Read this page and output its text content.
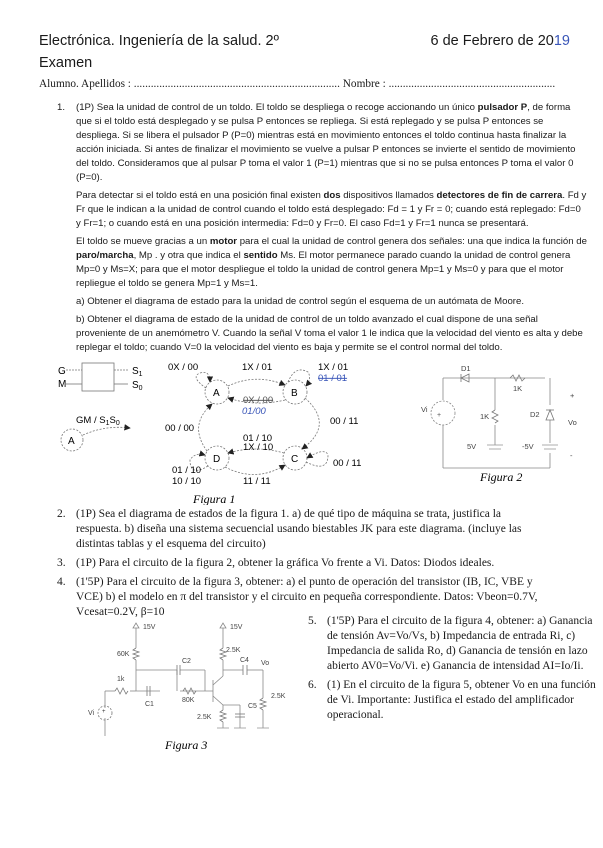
Electrónica. Ingeniería de la salud. 2º	6 de Febrero de 2019
Examen
Alumno. Apellidos : ......................................................................... Nombre : ...........................................................
1. (1P) Sea la unidad de control de un toldo. El toldo se despliega o recoge accionando un único pulsador P, de forma que si el toldo está desplegado y se pulsa P entonces se repliega. Si está replegado y se pulsa P entonces se despliega. Si se libera el pulsador P (P=0) mientras está en movimiento entonces el toldo continua hasta finalizar la acción iniciada. Si antes de finalizar el movimiento se vuelve a pulsar P entonces se invierte el sentido de movimiento del toldo. Consideramos que al pulsar P toma el valor 1 (P=1) mientras que si no se pulsa entonces P toma el valor 0 (P=0).

Para detectar si el toldo está en una posición final existen dos dispositivos llamados detectores de fin de carrera. Fd y Fr que le indican a la unidad de control cuando el toldo está desplegado: Fd = 1 y Fr = 0; cuando está replegado: Fd=0 y Fr=1; o cuando está en una posición intermedia: Fd=0 y Fr=0. El caso Fd=1 y Fr=1 nunca se presentará.

El toldo se mueve gracias a un motor para el cual la unidad de control genera dos señales: una que indica la función de paro/marcha, Mp . y otra que indica el sentido Ms. El motor permanece parado cuando la unidad de control genera Mp=0 y Ms=X; para que el motor despliegue el toldo la unidad de control genera Mp=1 y Ms=0 y para que el motor repliegue el toldo se genera Mp=1 y Ms=1.

a) Obtener el diagrama de estado para la unidad de control según el esquema de un autómata de Moore.

b) Obtener el diagrama de estado de la unidad de control de un toldo avanzado el cual dispone de una señal proveniente de un anemómetro V. Cuando la señal V toma el valor 1 le indica que la velocidad del viento es alta y debe replegar el toldo; cuando V=0 la velocidad del viento es baja y permite se el control normal del toldo.

G
M
$S_1$
$S_0$
A
GM / $S_1S_0$
A	B
C
D
0X / 00	1X / 01	1X / 01
01 / 01
0X / 00
01/00
00 / 11
00 / 11
01 / 10
1X / 10
01 / 10
10 / 10	11 / 11
00 / 00
Figura 1
+
D1
1K
1K	D2
Vi
5V	-5V
+
Vo
-
Figura 2
2. (1P) Sea el diagrama de estados de la figura 1. a) de qué tipo de máquina se trata, justifica la respuesta. b) diseña una sistema secuencial usando biestables JK para este diagrama. (incluye las distintas tablas y el esquema del circuito)
3. (1P) Para el circuito de la figura 2, obtener la gráfica Vo frente a Vi. Datos: Diodos ideales.
4. (1'5P) Para el circuito de la figura 3, obtener: a) el punto de operación del transistor (IB, IC, VBE y VCE) b) el modelo en π del transistor y el circuito en pequeña correspondiente. Datos: Vbeon=0.7V, Vcesat=0.2V, β=10
+
15V	15V
60K
80K
1k
2.5K
2.5K
2.5K
C1
C2	C4
C5
Vo
Vi
Figura 3
5. (1'5P) Para el circuito de la figura 4, obtener: a) Ganancia de tensión Av=Vo/Vs, b) Impedancia de entrada Ri, c) Impedancia de salida Ro, d) Ganancia de tensión en lazo abierto AV0=Vo/Vi. e) Ganancia de intensidad AI=Io/Ii.
6. (1) En el circuito de la figura 5, obtener Vo en una función de Vi. Importante: Justifica el estado del amplificador operacional.
